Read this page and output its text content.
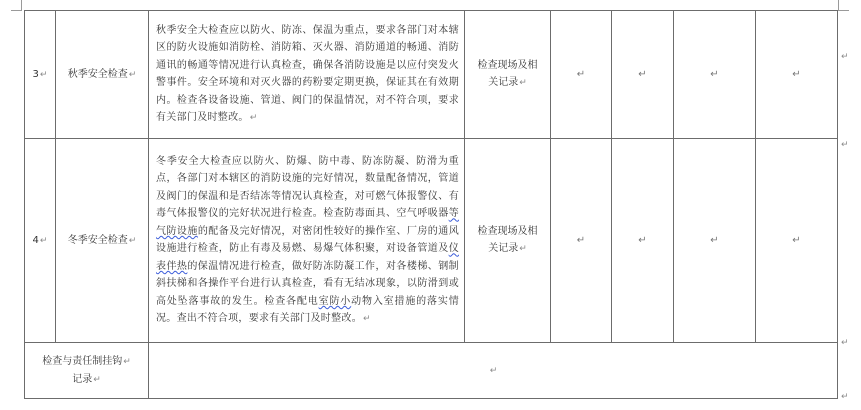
3↵	秋季安全检查↵	秋季安全大检查应以防火、防冻、保温为重点，要求各部门对本辖区的防火设施如消防栓、消防箱、灭火器、消防通道的畅通、消防通讯的畅通等情况进行认真检查，确保各消防设施是以应付突发火警事件。安全环境和对灭火器的药粉要定期更换，保证其在有效期内。检查各设备设施、管道、阀门的保温情况，对不符合项，要求有关部门及时整改。↵	检查现场及相关记录↵	↵	↵	↵	↵
4↵	冬季安全检查↵	冬季安全大检查应以防火、防爆、防中毒、防冻防凝、防滑为重点，各部门对本辖区的消防设施的完好情况，数量配备情况，管道及阀门的保温和是否结冻等情况认真检查，对可燃气体报警仪、有毒气体报警仪的完好状况进行检查。检查防毒面具、空气呼吸器等气防设施的配备及完好情况，对密闭性较好的操作室、厂房的通风设施进行检查，防止有毒及易燃、易爆气体积聚，对设备管道及仪表伴热的保温情况进行检查，做好防冻防凝工作，对各楼梯、钢制斜扶梯和各操作平台进行认真检查，看有无结冰现象，以防滑到或高处坠落事故的发生。检查各配电室防小动物入室措施的落实情况。查出不符合项，要求有关部门及时整改。↵	检查现场及相关记录↵	↵	↵	↵	↵

检查与责任制挂钩↵
记录↵		↵					
↵
↵
↵
↵
